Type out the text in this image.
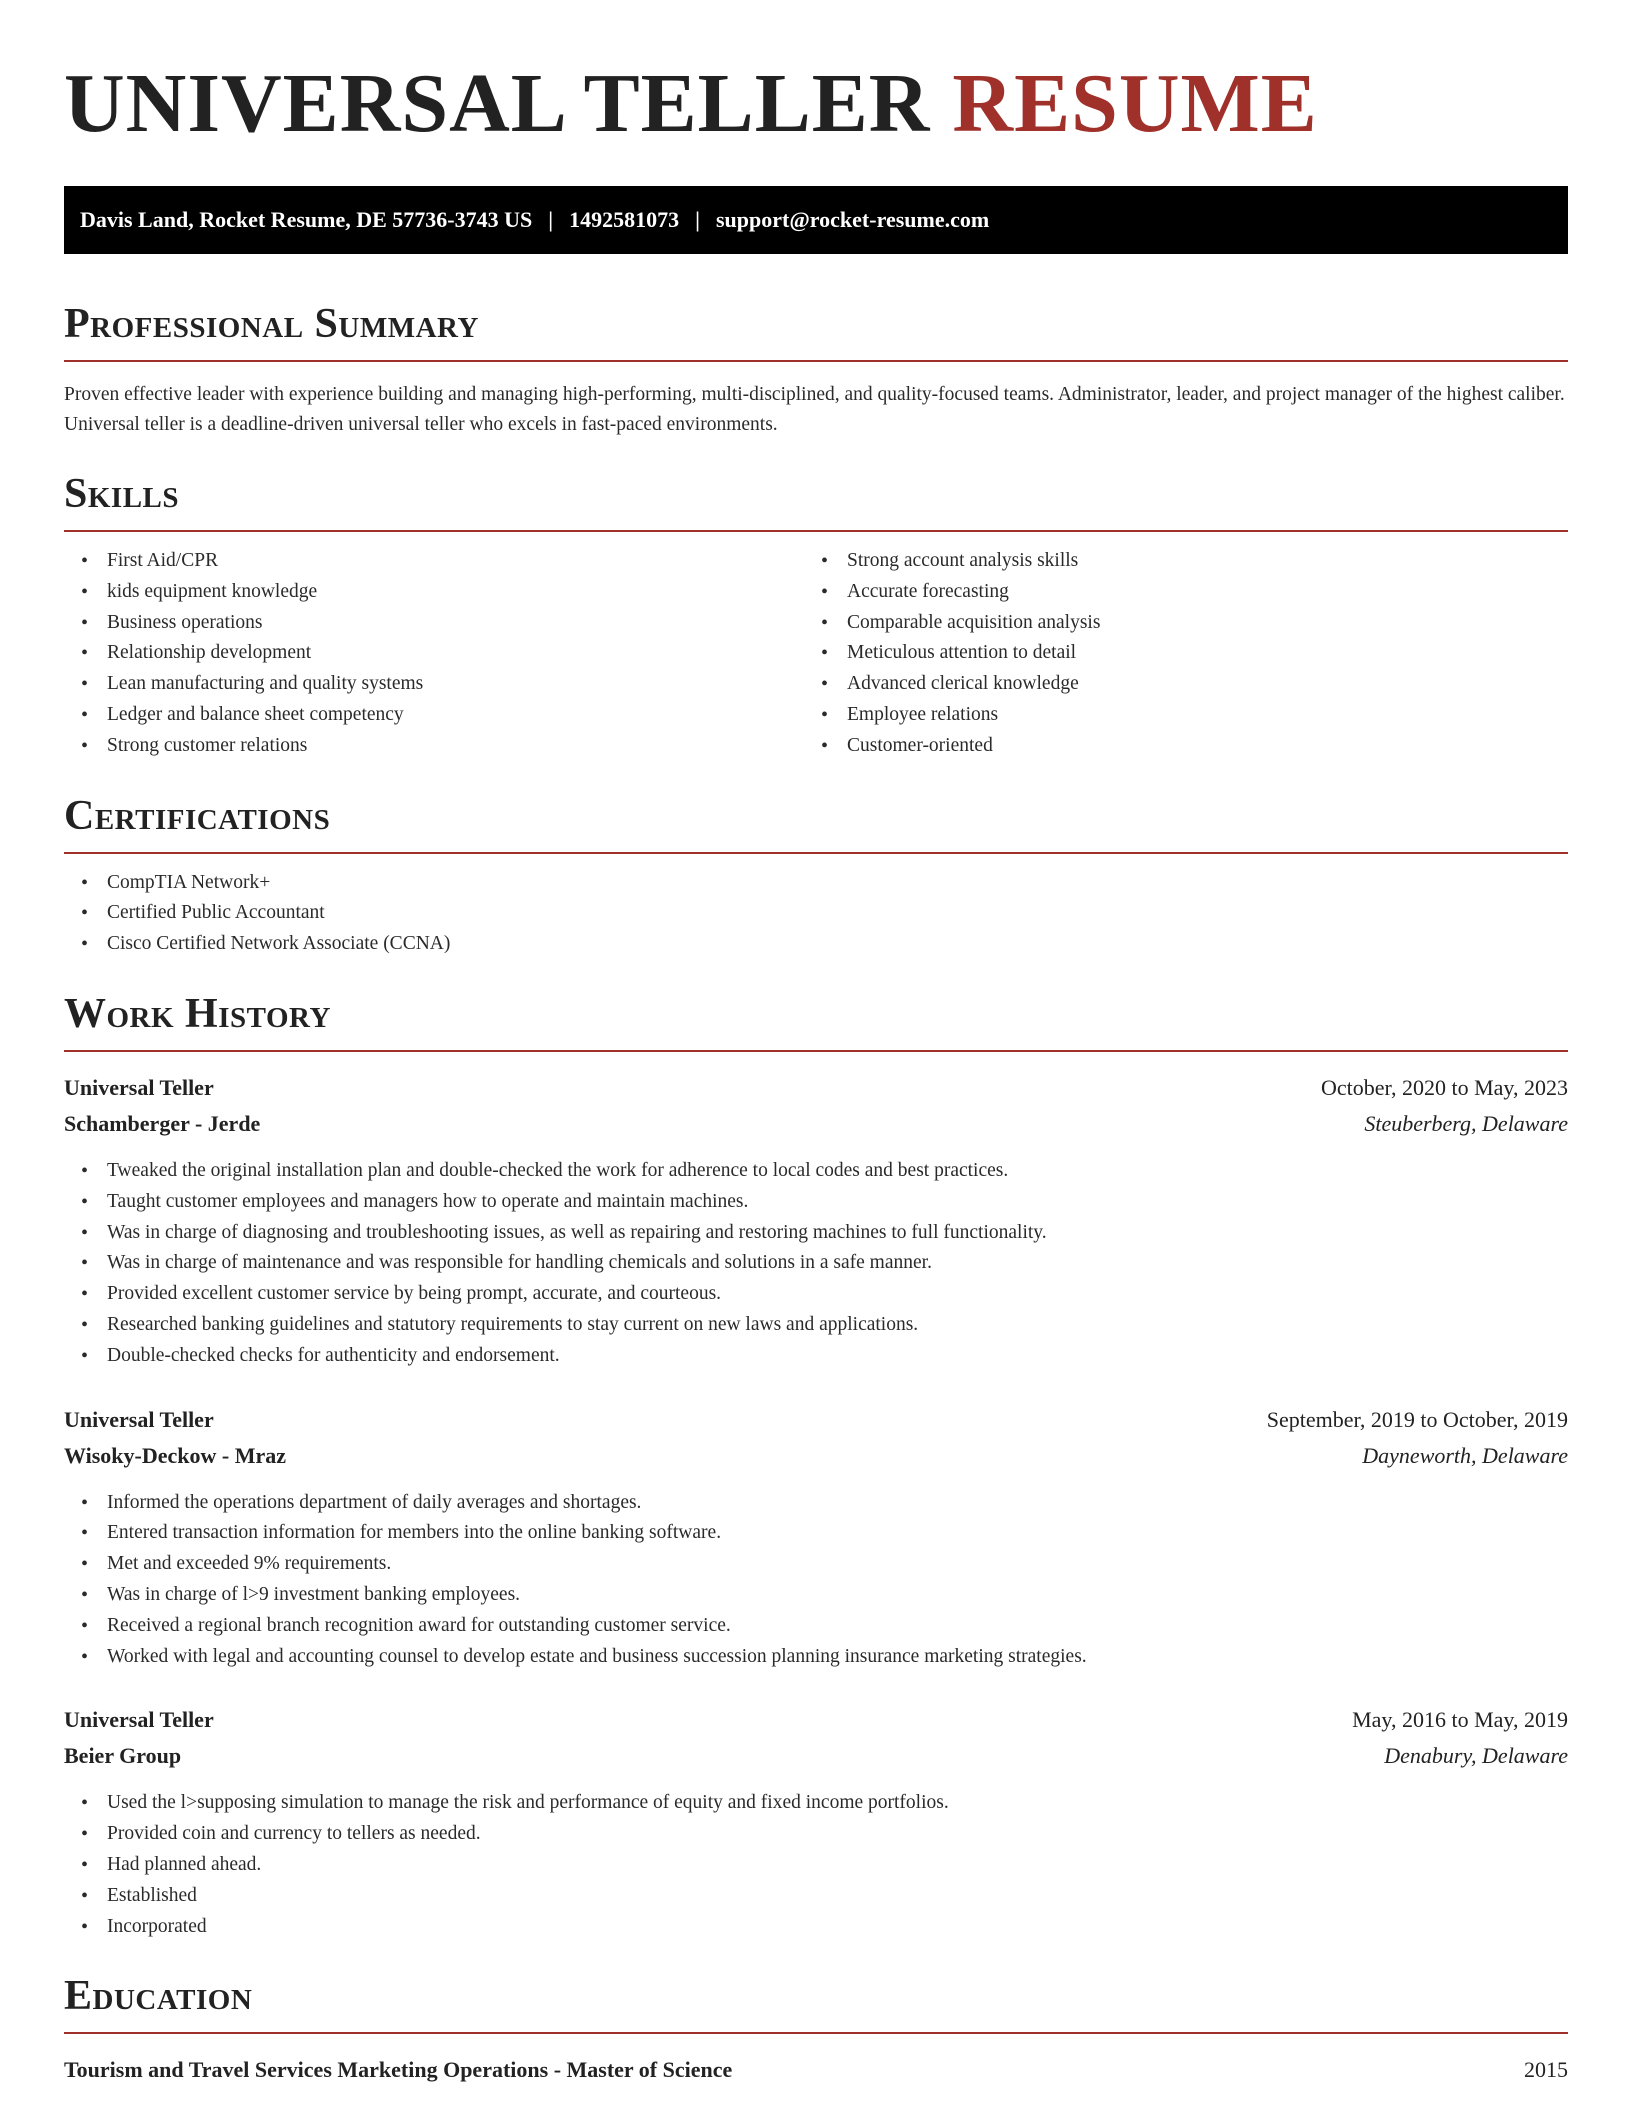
UNIVERSAL TELLER RESUME
Davis Land, Rocket Resume, DE 57736-3743 US | 1492581073 | support@rocket-resume.com
Professional Summary

Proven effective leader with experience building and managing high-performing, multi-disciplined, and quality-focused teams. Administrator, leader, and project manager of the highest caliber. Universal teller is a deadline-driven universal teller who excels in fast-paced environments.

Skills
• First Aid/CPR
• kids equipment knowledge
• Business operations
• Relationship development
• Lean manufacturing and quality systems
• Ledger and balance sheet competency
• Strong customer relations
• Strong account analysis skills
• Accurate forecasting
• Comparable acquisition analysis
• Meticulous attention to detail
• Advanced clerical knowledge
• Employee relations
• Customer-oriented
Certifications
• CompTIA Network+
• Certified Public Accountant
• Cisco Certified Network Associate (CCNA)
Work History
Universal Teller	October, 2020 to May, 2023
Schamberger - Jerde	Steuberberg, Delaware
• Tweaked the original installation plan and double-checked the work for adherence to local codes and best practices.
• Taught customer employees and managers how to operate and maintain machines.
• Was in charge of diagnosing and troubleshooting issues, as well as repairing and restoring machines to full functionality.
• Was in charge of maintenance and was responsible for handling chemicals and solutions in a safe manner.
• Provided excellent customer service by being prompt, accurate, and courteous.
• Researched banking guidelines and statutory requirements to stay current on new laws and applications.
• Double-checked checks for authenticity and endorsement.
Universal Teller	September, 2019 to October, 2019
Wisoky-Deckow - Mraz	Dayneworth, Delaware
• Informed the operations department of daily averages and shortages.
• Entered transaction information for members into the online banking software.
• Met and exceeded 9% requirements.
• Was in charge of l>9 investment banking employees.
• Received a regional branch recognition award for outstanding customer service.
• Worked with legal and accounting counsel to develop estate and business succession planning insurance marketing strategies.
Universal Teller	May, 2016 to May, 2019
Beier Group	Denabury, Delaware
• Used the l>supposing simulation to manage the risk and performance of equity and fixed income portfolios.
• Provided coin and currency to tellers as needed.
• Had planned ahead.
• Established
• Incorporated
Education
Tourism and Travel Services Marketing Operations - Master of Science	2015
